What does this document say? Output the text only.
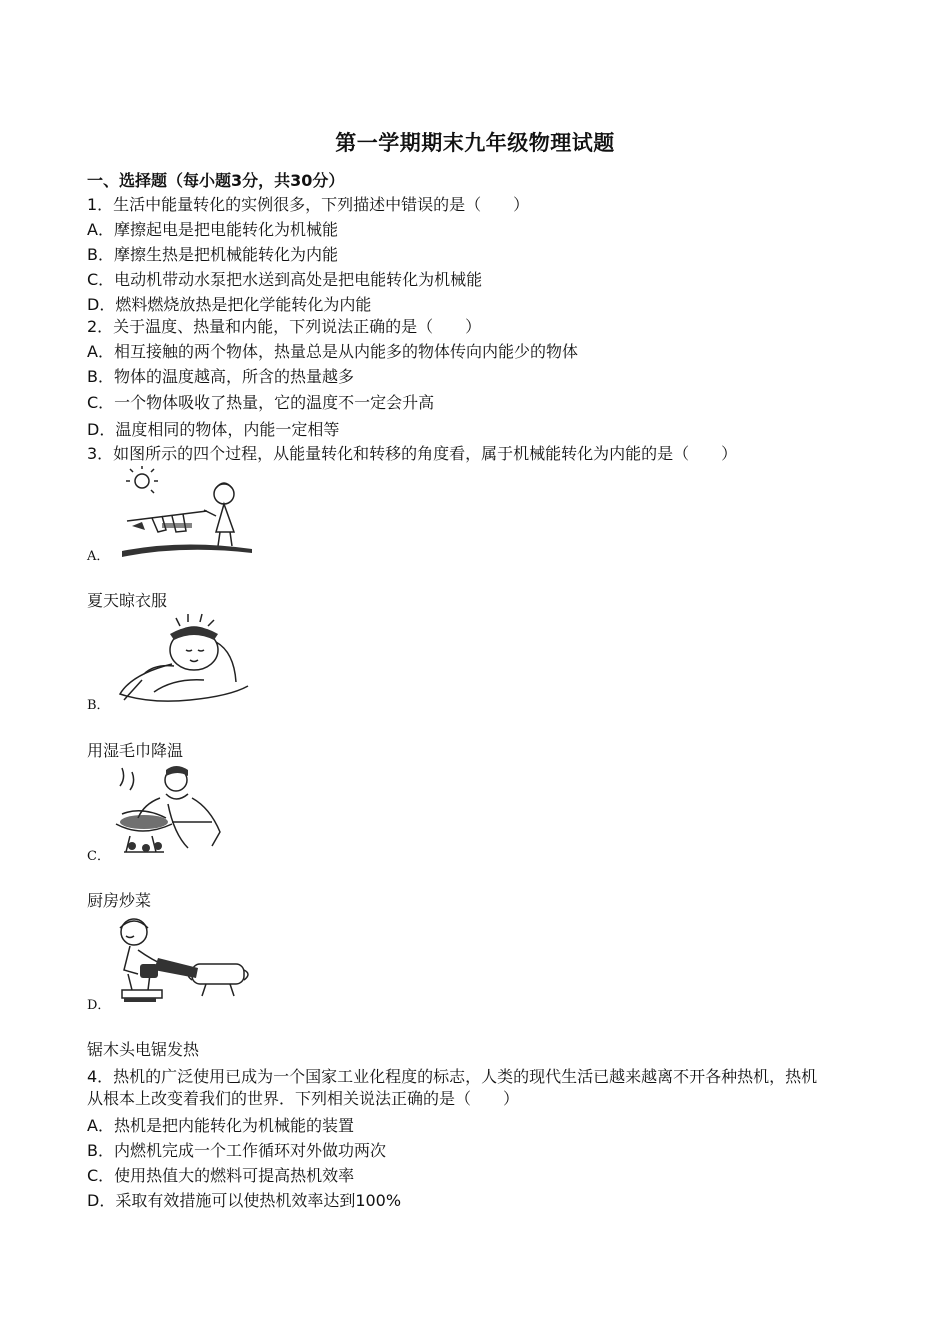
第一学期期末九年级物理试题
一、选择题（每小题3分，共30分）
1．生活中能量转化的实例很多，下列描述中错误的是（　　）
A．摩擦起电是把电能转化为机械能
B．摩擦生热是把机械能转化为内能
C．电动机带动水泵把水送到高处是把电能转化为机械能
D．燃料燃烧放热是把化学能转化为内能
2．关于温度、热量和内能，下列说法正确的是（　　）
A．相互接触的两个物体，热量总是从内能多的物体传向内能少的物体
B．物体的温度越高，所含的热量越多
C．一个物体吸收了热量，它的温度不一定会升高
D．温度相同的物体，内能一定相等
3．如图所示的四个过程，从能量转化和转移的角度看，属于机械能转化为内能的是（　　）
A．
夏天晾衣服
B．
用湿毛巾降温
C．
厨房炒菜
D．
锯木头电锯发热
4．热机的广泛使用已成为一个国家工业化程度的标志，人类的现代生活已越来越离不开各种热机，热机
从根本上改变着我们的世界．下列相关说法正确的是（　　）
A．热机是把内能转化为机械能的装置
B．内燃机完成一个工作循环对外做功两次
C．使用热值大的燃料可提高热机效率
D．采取有效措施可以使热机效率达到100%
